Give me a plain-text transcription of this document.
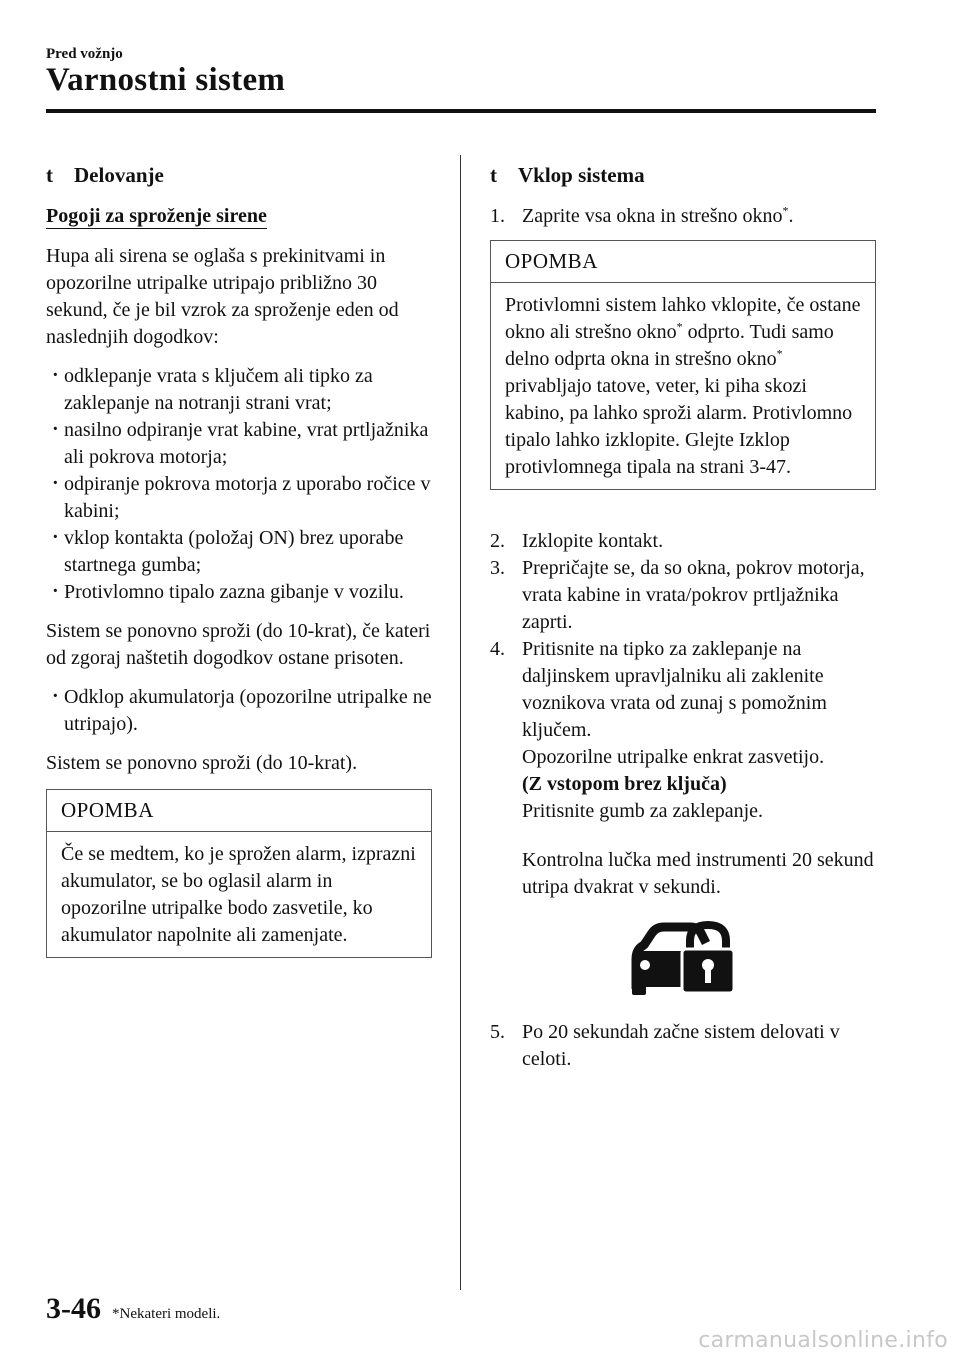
Pred vožnjo
Varnostni sistem
t	Delovanje
Pogoji za sproženje sirene

Hupa ali sirena se oglaša s prekinitvami in opozorilne utripalke utripajo približno 30 sekund, če je bil vzrok za sproženje eden od naslednjih dogodkov:

· odklepanje vrata s ključem ali tipko za zaklepanje na notranji strani vrat;
· nasilno odpiranje vrat kabine, vrat prtljažnika ali pokrova motorja;
· odpiranje pokrova motorja z uporabo ročice v kabini;
· vklop kontakta (položaj ON) brez uporabe startnega gumba;
· Protivlomno tipalo zazna gibanje v vozilu.

Sistem se ponovno sproži (do 10-krat), če kateri od zgoraj naštetih dogodkov ostane prisoten.

· Odklop akumulatorja (opozorilne utripalke ne utripajo).

Sistem se ponovno sproži (do 10-krat).

OPOMBA

Če se medtem, ko je sprožen alarm, izprazni akumulator, se bo oglasil alarm in opozorilne utripalke bodo zasvetile, ko akumulator napolnite ali zamenjate.

t	Vklop sistema
1. Zaprite vsa okna in strešno okno*.
OPOMBA

Protivlomni sistem lahko vklopite, če ostane okno ali strešno okno* odprto. Tudi samo delno odprta okna in strešno okno* privabljajo tatove, veter, ki piha skozi kabino, pa lahko sproži alarm. Protivlomno tipalo lahko izklopite. Glejte Izklop protivlomnega tipala na strani 3-47.

2. Izklopite kontakt.
3. Prepričajte se, da so okna, pokrov motorja, vrata kabine in vrata/pokrov prtljažnika zaprti.
4. Pritisnite na tipko za zaklepanje na daljinskem upravljalniku ali zaklenite voznikova vrata od zunaj s pomožnim ključem.
Opozorilne utripalke enkrat zasvetijo.
(Z vstopom brez ključa)
Pritisnite gumb za zaklepanje.
Kontrolna lučka med instrumenti 20 sekund utripa dvakrat v sekundi.
5. Po 20 sekundah začne sistem delovati v celoti.
3-46 *Nekateri modeli.
carmanualsonline.info
